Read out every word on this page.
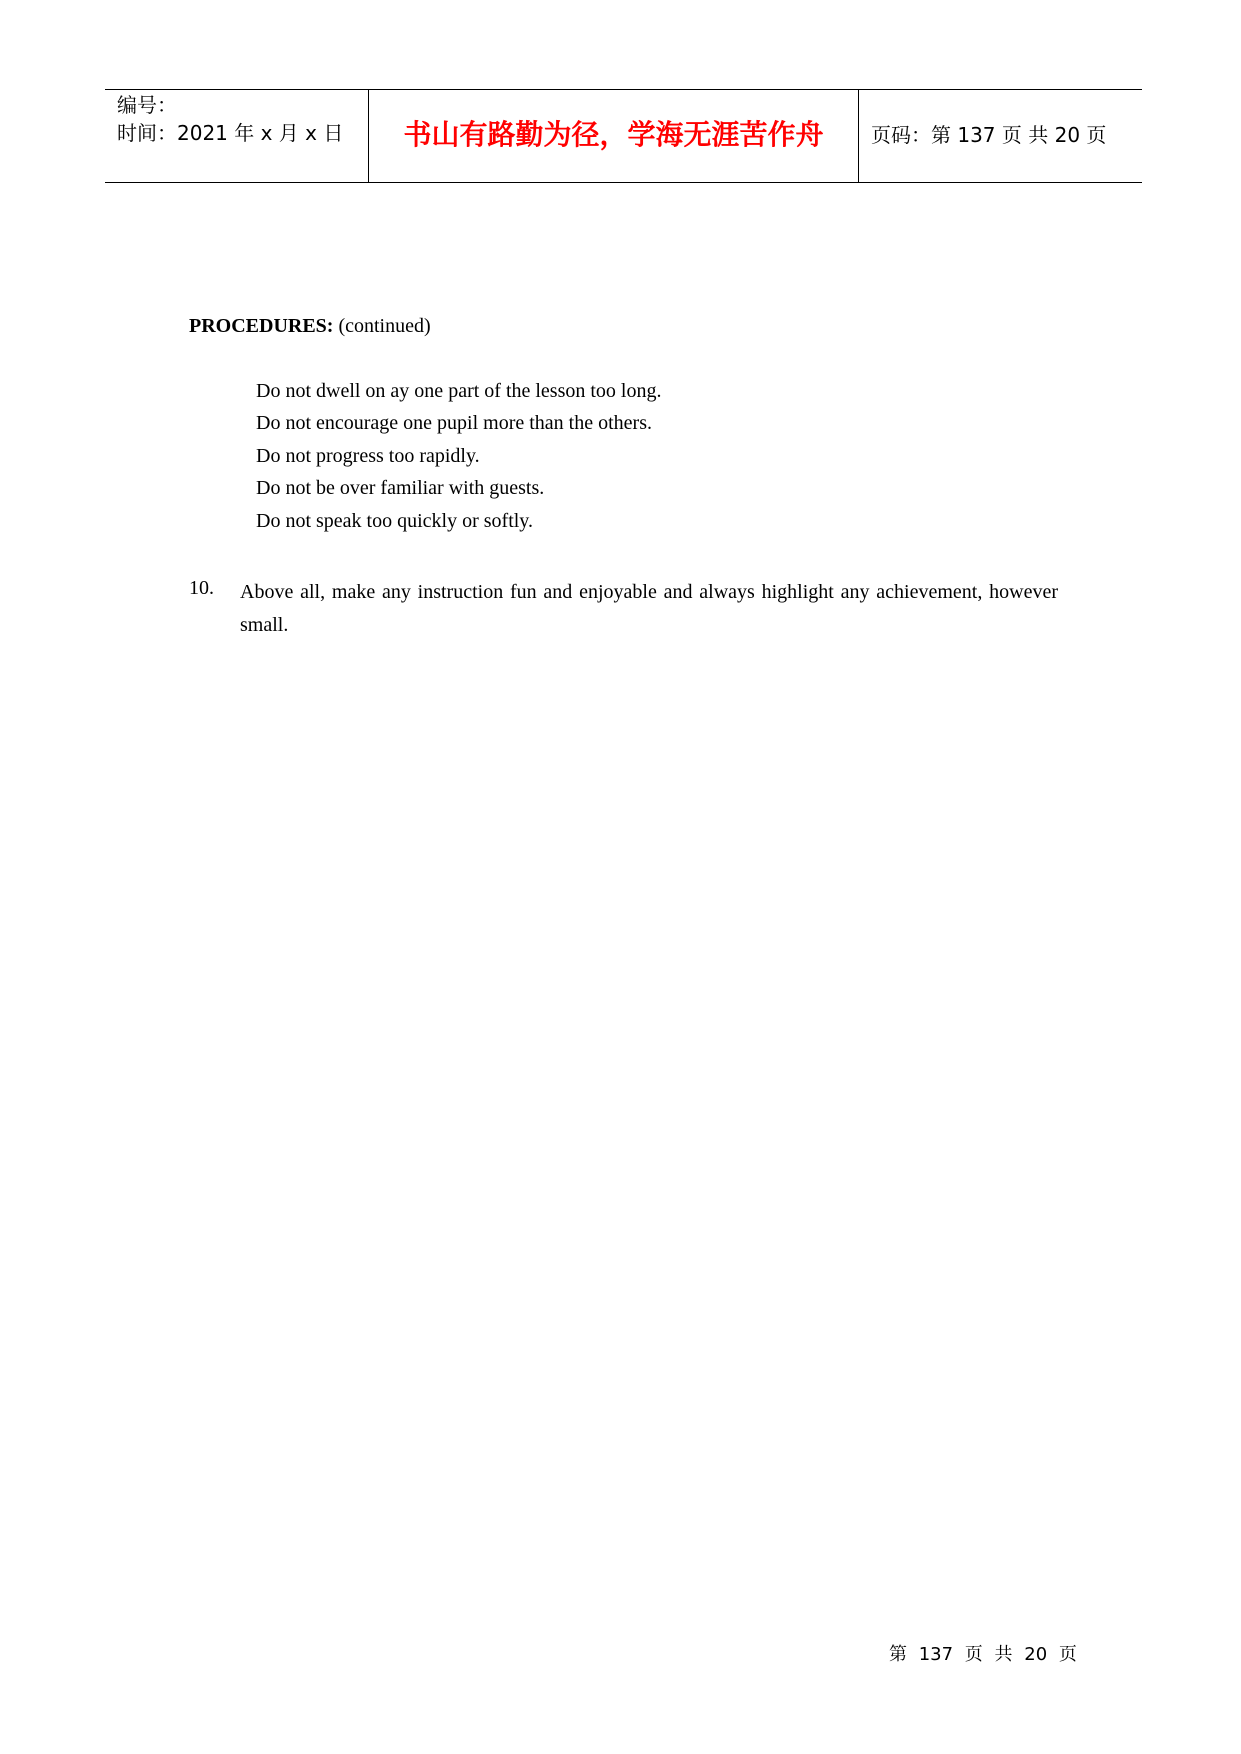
编号：
时间：2021 年 x 月 x 日	书山有路勤为径，学海无涯苦作舟	页码：第 137 页 共 20 页
PROCEDURES: (continued)
Do not dwell on ay one part of the lesson too long.
Do not encourage one pupil more than the others.
Do not progress too rapidly.
Do not be over familiar with guests.
Do not speak too quickly or softly.
10. Above all, make any instruction fun and enjoyable and always highlight any achievement, however small.
第 137 页 共 20 页
